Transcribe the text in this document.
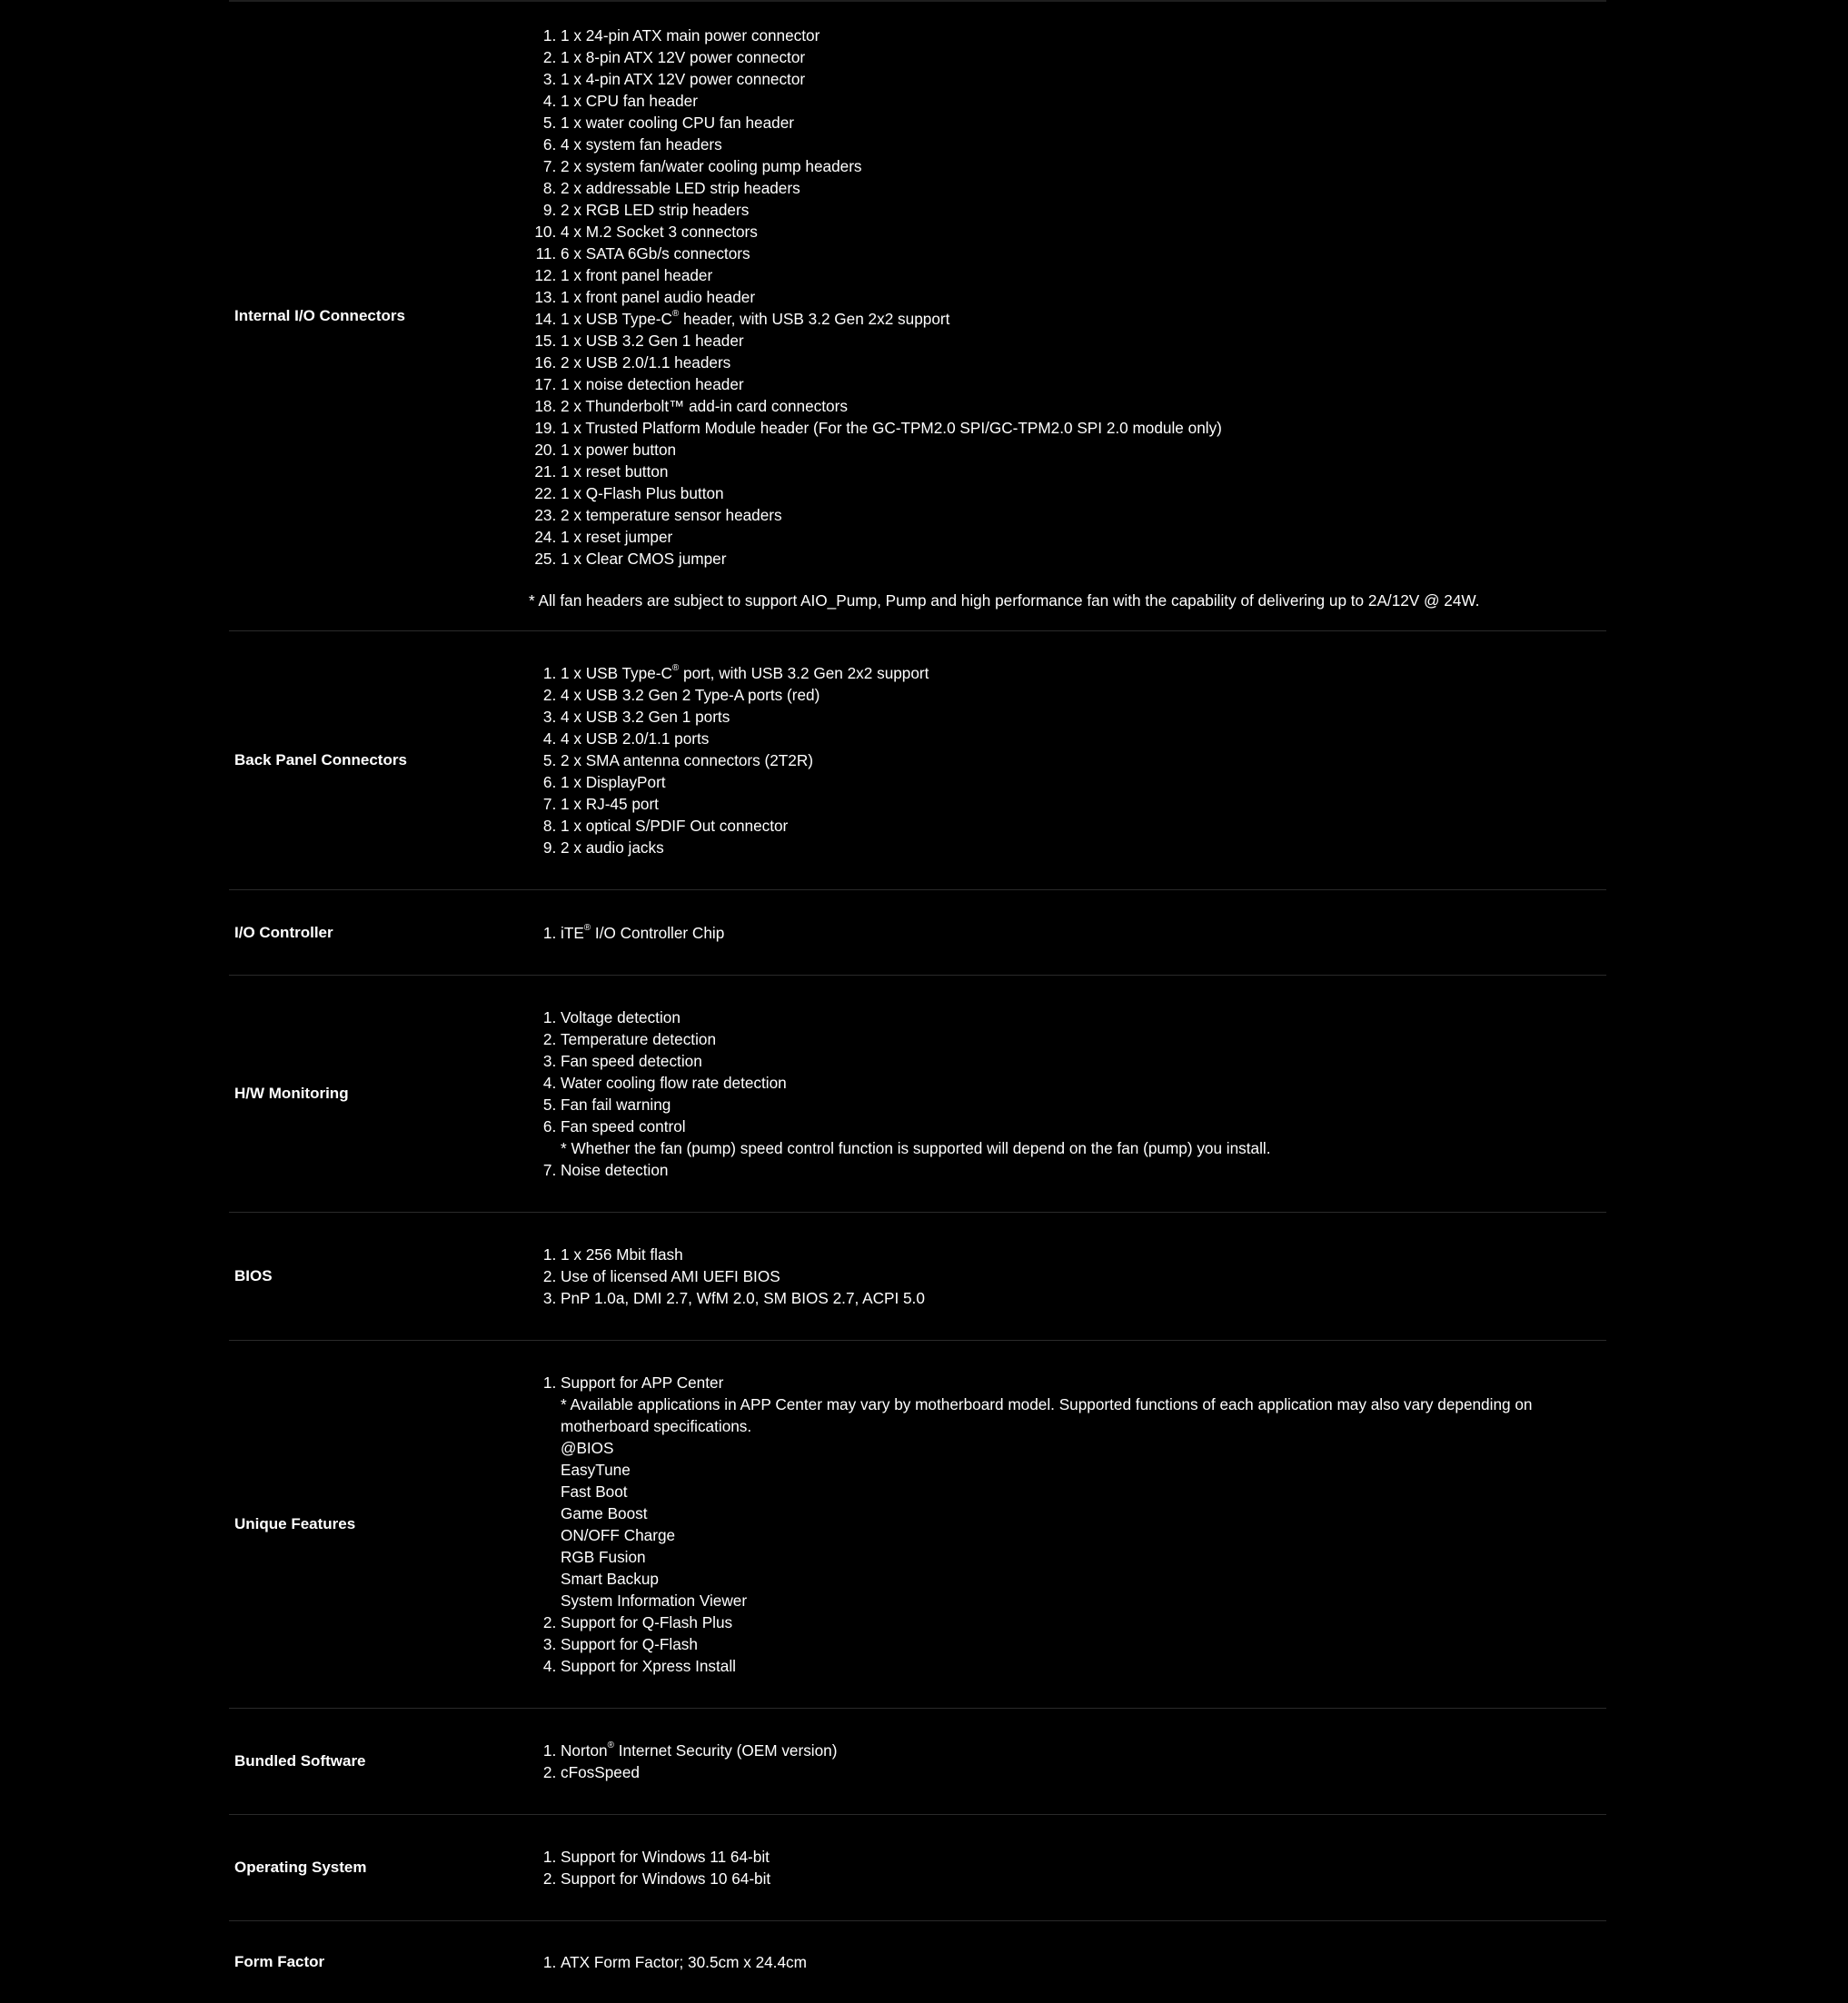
Internal I/O Connectors
1. 1 x 24-pin ATX main power connector
2. 1 x 8-pin ATX 12V power connector
3. 1 x 4-pin ATX 12V power connector
4. 1 x CPU fan header
5. 1 x water cooling CPU fan header
6. 4 x system fan headers
7. 2 x system fan/water cooling pump headers
8. 2 x addressable LED strip headers
9. 2 x RGB LED strip headers
10. 4 x M.2 Socket 3 connectors
11. 6 x SATA 6Gb/s connectors
12. 1 x front panel header
13. 1 x front panel audio header
14. 1 x USB Type-C® header, with USB 3.2 Gen 2x2 support
15. 1 x USB 3.2 Gen 1 header
16. 2 x USB 2.0/1.1 headers
17. 1 x noise detection header
18. 2 x Thunderbolt™ add-in card connectors
19. 1 x Trusted Platform Module header (For the GC-TPM2.0 SPI/GC-TPM2.0 SPI 2.0 module only)
20. 1 x power button
21. 1 x reset button
22. 1 x Q-Flash Plus button
23. 2 x temperature sensor headers
24. 1 x reset jumper
25. 1 x Clear CMOS jumper
* All fan headers are subject to support AIO_Pump, Pump and high performance fan with the capability of delivering up to 2A/12V @ 24W.
Back Panel Connectors
1. 1 x USB Type-C® port, with USB 3.2 Gen 2x2 support
2. 4 x USB 3.2 Gen 2 Type-A ports (red)
3. 4 x USB 3.2 Gen 1 ports
4. 4 x USB 2.0/1.1 ports
5. 2 x SMA antenna connectors (2T2R)
6. 1 x DisplayPort
7. 1 x RJ-45 port
8. 1 x optical S/PDIF Out connector
9. 2 x audio jacks
I/O Controller	1. iTE® I/O Controller Chip
H/W Monitoring
1. Voltage detection
2. Temperature detection
3. Fan speed detection
4. Water cooling flow rate detection
5. Fan fail warning
6. Fan speed control
* Whether the fan (pump) speed control function is supported will depend on the fan (pump) you install.
7. Noise detection
BIOS
1. 1 x 256 Mbit flash
2. Use of licensed AMI UEFI BIOS
3. PnP 1.0a, DMI 2.7, WfM 2.0, SM BIOS 2.7, ACPI 5.0
Unique Features
1. Support for APP Center
* Available applications in APP Center may vary by motherboard model. Supported functions of each application may also vary depending on motherboard specifications.
@BIOS
EasyTune
Fast Boot
Game Boost
ON/OFF Charge
RGB Fusion
Smart Backup
System Information Viewer
2. Support for Q-Flash Plus
3. Support for Q-Flash
4. Support for Xpress Install
Bundled Software
1. Norton® Internet Security (OEM version)
2. cFosSpeed
Operating System
1. Support for Windows 11 64-bit
2. Support for Windows 10 64-bit
Form Factor	1. ATX Form Factor; 30.5cm x 24.4cm
